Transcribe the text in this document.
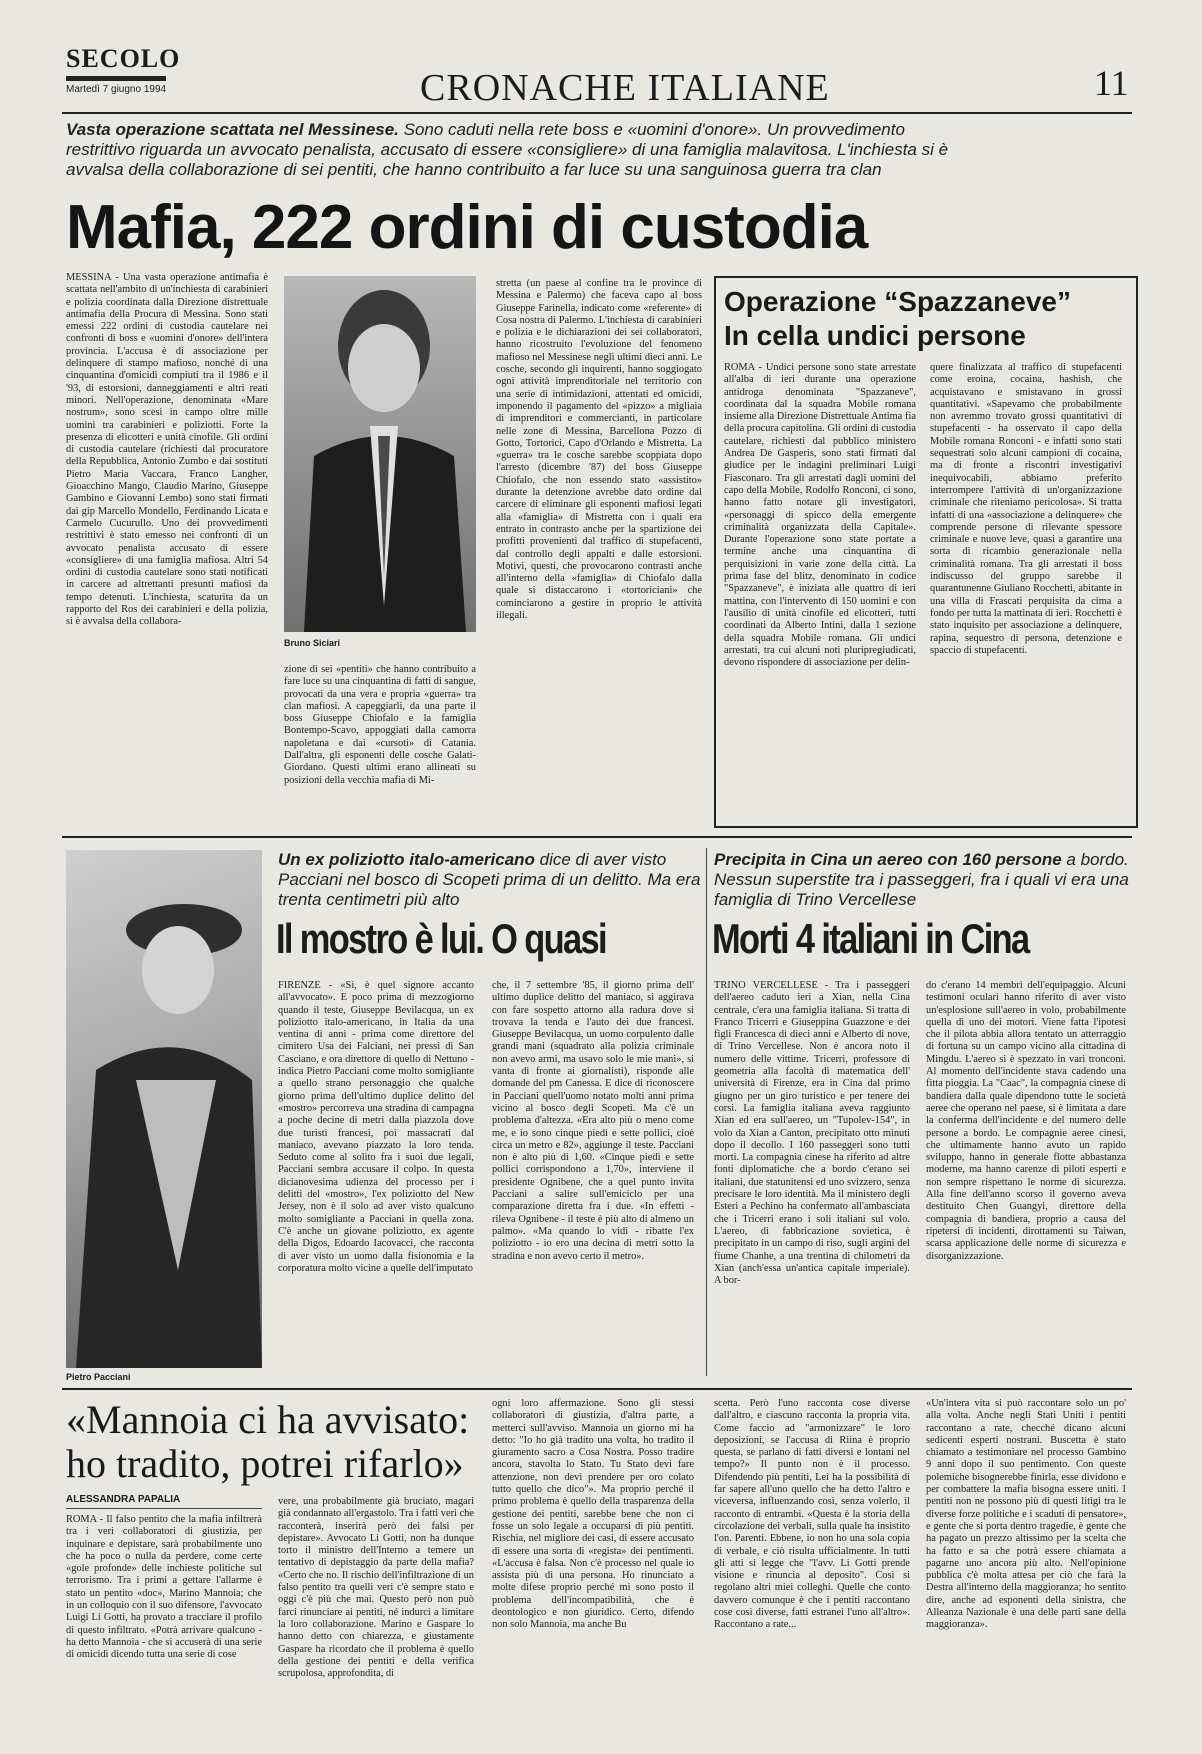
SECOLO
Martedì 7 giugno 1994	CRONACHE ITALIANE	11
Vasta operazione scattata nel Messinese. Sono caduti nella rete boss e «uomini d'onore». Un provvedimento restrittivo riguarda un avvocato penalista, accusato di essere «consigliere» di una famiglia malavitosa. L'inchiesta si è avvalsa della collaborazione di sei pentiti, che hanno contribuito a far luce su una sanguinosa guerra tra clan
Mafia, 222 ordini di custodia
MESSINA - Una vasta operazione antimafia è scattata nell'ambito di un'inchiesta di carabinieri e polizia coordinata dalla Direzione distrettuale antimafia della Procura di Messina. Sono stati emessi 222 ordini di custodia cautelare nei confronti di boss e «uomini d'onore» dell'intera provincia. L'accusa è di associazione per delinquere di stampo mafioso, nonché di una cinquantina d'omicidi compiuti tra il 1986 e il '93, di estorsioni, danneggiamenti e altri reati minori. Nell'operazione, denominata «Mare nostrum», sono scesi in campo oltre mille uomini tra carabinieri e poliziotti. Forte la presenza di elicotteri e unità cinofile. Gli ordini di custodia cautelare (richiesti dal procuratore della Repubblica, Antonio Zumbo e dai sostituti Pietro Maria Vaccara, Franco Langher, Gioacchino Mango, Claudio Marino, Giuseppe Gambino e Giovanni Lembo) sono stati firmati dai gip Marcello Mondello, Ferdinando Licata e Carmelo Cucurullo. Uno dei provvedimenti restrittivi è stato emesso nei confronti di un avvocato penalista accusato di essere «consigliere» di una famiglia mafiosa. Altri 54 ordini di custodia cautelare sono stati notificati in carcere ad altrettanti presunti mafiosi da tempo detenuti. L'inchiesta, scaturita da un rapporto del Ros dei carabinieri e della polizia, si è avvalsa della collabora-
Bruno Siciari
zione di sei «pentiti» che hanno contribuito a fare luce su una cinquantina di fatti di sangue, provocati da una vera e propria «guerra» tra clan mafiosi. A capeggiarli, da una parte il boss Giuseppe Chiofalo e la famiglia Bontempo-Scavo, appoggiati dalla camorra napoletana e dai «cursoti» di Catania. Dall'altra, gli esponenti delle cosche Galati-Giordano. Questi ultimi erano allineati su posizioni della vecchia mafia di Mi-
stretta (un paese al confine tra le province di Messina e Palermo) che faceva capo al boss Giuseppe Farinella, indicato come «referente» di Cosa nostra di Palermo. L'inchiesta di carabinieri e polizia e le dichiarazioni dei sei collaboratori, hanno ricostruito l'evoluzione del fenomeno mafioso nel Messinese negli ultimi dieci anni. Le cosche, secondo gli inquirenti, hanno soggiogato ogni attività imprenditoriale nel territorio con una serie di intimidazioni, attentati ed omicidi, imponendo il pagamento del «pizzo» a migliaia di imprenditori e commercianti, in particolare nelle zone di Messina, Barcellona Pozzo di Gotto, Tortorici, Capo d'Orlando e Mistretta. La «guerra» tra le cosche sarebbe scoppiata dopo l'arresto (dicembre '87) del boss Giuseppe Chiofalo, che non essendo stato «assistito» durante la detenzione avrebbe dato ordine dal carcere di eliminare gli esponenti mafiosi legati alla «famiglia» di Mistretta con i quali era entrato in contrasto anche per la spartizione dei profitti provenienti dal traffico di stupefacenti, dal controllo degli appalti e dalle estorsioni. Motivi, questi, che provocarono contrasti anche all'interno della «famiglia» di Chiofalo dalla quale si distaccarono i «tortoriciani» che cominciarono a gestire in proprio le attività illegali.
Operazione “Spazzaneve”
In cella undici persone
ROMA - Undici persone sono state arrestate all'alba di ieri durante una operazione antidroga denominata "Spazzaneve", coordinata dal la squadra Mobile romana insieme alla Direzione Distrettuale Antima fia della procura capitolina. Gli ordini di custodia cautelare, richiesti dal pubblico ministero Andrea De Gasperis, sono stati firmati dal giudice per le indagini preliminari Luigi Fiasconaro. Tra gli arrestati dagli uomini del capo della Mobile, Rodolfo Ronconi, ci sono, hanno fatto notare gli investigatori, «personaggi di spicco della emergente criminalità organizzata della Capitale». Durante l'operazione sono state portate a termine anche una cinquantina di perquisizioni in varie zone della città. La prima fase del blitz, denominato in codice "Spazzaneve", è iniziata alle quattro di ieri mattina, con l'intervento di 150 uomini e con l'ausilio di unità cinofile ed elicotteri, tutti coordinati da Alberto Intini, dalla 1 sezione della squadra Mobile romana. Gli undici arrestati, tra cui alcuni noti pluripregiudicati, devono rispondere di associazione per delin-
quere finalizzata al traffico di stupefacenti come eroina, cocaina, hashish, che acquistavano e smistavano in grossi quantitativi. «Sapevamo che probabilmente non avremmo trovato grossi quantitativi di stupefacenti - ha osservato il capo della Mobile romana Ronconi - e infatti sono stati sequestrati solo alcuni campioni di cocaina, ma di fronte a riscontri investigativi inequivocabili, abbiamo preferito interrompere l'attività di un'organizzazione criminale che riteniamo pericolosa». Si tratta infatti di una «associazione a delinquere» che comprende persone di rilevante spessore criminale e nuove leve, quasi a garantire una sorta di ricambio generazionale nella criminalità romana. Tra gli arrestati il boss indiscusso del gruppo sarebbe il quarantunenne Giuliano Rocchetti, abitante in una villa di Frascati perquisita da cima a fondo per tutta la mattinata di ieri. Rocchetti è stato inquisito per associazione a delinquere, rapina, sequestro di persona, detenzione e spaccio di stupefacenti.
Pietro Pacciani
Un ex poliziotto italo-americano dice di aver visto Pacciani nel bosco di Scopeti prima di un delitto. Ma era trenta centimetri più alto
Il mostro è lui. O quasi
FIRENZE - «Sì, è quel signore accanto all'avvocato». E poco prima di mezzogiorno quando il teste, Giuseppe Bevilacqua, un ex poliziotto italo-americano, in Italia da una ventina di anni - prima come direttore del cimitero Usa dei Falciani, nei pressi di San Casciano, e ora direttore di quello di Nettuno - indica Pietro Pacciani come molto somigliante a quello strano personaggio che qualche giorno prima dell'ultimo duplice delitto del «mostro» percorreva una stradina di campagna a poche decine di metri dalla piazzola dove due turisti francesi, poi massacrati dal maniaco, avevano piazzato la loro tenda. Seduto come al solito fra i suoi due legali, Pacciani sembra accusare il colpo. In questa dicianovesima udienza del processo per i delitti del «mostro», l'ex poliziotto del New Jersey, non è il solo ad aver visto qualcuno molto somigliante a Pacciani in quella zona. C'è anche un giovane poliziotto, ex agente della Digos, Edoardo Iacovacci, che racconta di aver visto un uomo dalla fisionomia e la corporatura molto vicine a quelle dell'imputato
che, il 7 settembre '85, il giorno prima dell' ultimo duplice delitto del maniaco, si aggirava con fare sospetto attorno alla radura dove si trovava la tenda e l'auto dei due francesi. Giuseppe Bevilacqua, un uomo corpulento dalle grandi mani (squadrato alla polizia criminale non avevo armi, ma usavo solo le mie mani», si vanta di fronte ai giornalisti), risponde alle domande del pm Canessa. E dice di riconoscere in Pacciani quell'uomo notato molti anni prima vicino al bosco degli Scopeti. Ma c'è un problema d'altezza. «Era alto più o meno come me, e io sono cinque piedi e sette pollici, cioè circa un metro e 82», aggiunge il teste. Pacciani non è alto più di 1,60. «Cinque piedi e sette pollici corrispondono a 1,70», interviene il presidente Ognibene, che a quel punto invita Pacciani a salire sull'emiciclo per una comparazione diretta fra i due. «In effetti - rileva Ognibene - il teste è più alto di almeno un palmo». «Ma quando lo vidi - ribatte l'ex poliziotto - io ero una decina di metri sotto la stradina e non avevo certo il metro».
Precipita in Cina un aereo con 160 persone a bordo. Nessun superstite tra i passeggeri, fra i quali vi era una famiglia di Trino Vercellese
Morti 4 italiani in Cina
TRINO VERCELLESE - Tra i passeggeri dell'aereo caduto ieri a Xian, nella Cina centrale, c'era una famiglia italiana. Si tratta di Franco Tricerri e Giuseppina Guazzone e dei figli Francesca di dieci anni e Alberto di nove, di Trino Vercellese. Non è ancora noto il numero delle vittime. Tricerri, professore di geometria alla facoltà di matematica dell' università di Firenze, era in Cina dal primo giugno per un giro turistico e per tenere dei corsi. La famiglia italiana aveva raggiunto Xian ed era sull'aereo, un "Tupolev-154", in volo da Xian a Canton, precipitato otto minuti dopo il decollo. I 160 passeggeri sono tutti morti. La compagnia cinese ha riferito ad altre fonti diplomatiche che a bordo c'erano sei italiani, due statunitensi ed uno svizzero, senza precisare le loro identità. Ma il ministero degli Esteri a Pechino ha confermato all'ambasciata che i Tricerri erano i soli italiani sul volo. L'aereo, di fabbricazione sovietica, è precipitato in un campo di riso, sugli argini del fiume Chanhe, a una trentina di chilometri da Xian (anch'essa un'antica capitale imperiale). A bor-
do c'erano 14 membri dell'equipaggio. Alcuni testimoni oculari hanno riferito di aver visto un'esplosione sull'aereo in volo, probabilmente quella di uno dei motori. Viene fatta l'ipotesi che il pilota abbia allora tentato un atterraggio di fortuna su un campo vicino alla cittadina di Mingdu. L'aereo si è spezzato in vari tronconi. Al momento dell'incidente stava cadendo una fitta pioggia. La "Caac", la compagnia cinese di bandiera dalla quale dipendono tutte le società aeree che operano nel paese, si è limitata a dare la conferma dell'incidente e del numero delle persone a bordo. Le compagnie aeree cinesi, che ultimamente hanno avuto un rapido sviluppo, hanno in generale flotte abbastanza moderne, ma hanno carenze di piloti esperti e non sempre rispettano le norme di sicurezza. Alla fine dell'anno scorso il governo aveva destituito Chen Guangyi, direttore della compagnia di bandiera, proprio a causa del ripetersi di incidenti, dirottamenti su Taiwan, scarsa applicazione delle norme di sicurezza e disorganizzazione.
«Mannoia ci ha avvisato:
ho tradito, potrei rifarlo»
ALESSANDRA PAPALIA
ROMA - Il falso pentito che la mafia infiltrerà tra i veri collaboratori di giustizia, per inquinare e depistare, sarà probabilmente uno che ha poco o nulla da perdere, come certe «gole profonde» delle inchieste politiche sul terrorismo. Tra i primi a gettare l'allarme è stato un pentito «doc», Marino Mannoia; che in un colloquio con il suo difensore, l'avvocato Luigi Li Gotti, ha provato a tracciare il profilo di questo infiltrato. «Potrà arrivare qualcuno - ha detto Mannoia - che si accuserà di una serie di omicidi dicendo tutta una serie di cose
vere, una probabilmente già bruciato, magari già condannato all'ergastolo. Tra i fatti veri che racconterà, inserirà però dei falsi per depistare». Avvocato Li Gotti, non ha dunque torto il ministro dell'Interno a temere un tentativo di depistaggio da parte della mafia? «Certo che no. Il rischio dell'infiltrazione di un falso pentito tra quelli veri c'è sempre stato e oggi c'è più che mai. Questo però non può farci rinunciare ai pentiti, né indurci a limitare la loro collaborazione. Marino e Gaspare lo hanno detto con chiarezza, e giustamente Gaspare ha ricordato che il problema è quello della gestione dei pentiti e della verifica scrupolosa, approfondita, di
ogni loro affermazione. Sono gli stessi collaboratori di giustizia, d'altra parte, a metterci sull'avviso. Mannoia un giorno mi ha detto: "Io ho già tradito una volta, ho tradito il giuramento sacro a Cosa Nostra. Posso tradire ancora, stavolta lo Stato. Tu Stato devi fare attenzione, non devi prendere per oro colato tutto quello che dico"». Ma proprio perché il primo problema è quello della trasparenza della gestione dei pentiti, sarebbe bene che non ci fosse un solo legale a occuparsi di più pentiti. Rischia, nel migliore dei casi, di essere accusato di essere una sorta di «regista» dei pentimenti. «L'accusa è falsa. Non c'è processo nel quale io assista più di una persona. Ho rinunciato a molte difese proprio perché mi sono posto il problema dell'incompatibilità, che è deontologico e non giuridico. Certo, difendo non solo Mannoia, ma anche Bu
scetta. Però l'uno racconta cose diverse dall'altro, e ciascuno racconta la propria vita. Come faccio ad "armonizzare" le loro deposizioni, se l'accusa di Riina è proprio questa, se parlano di fatti diversi e lontani nel tempo?» Il punto non è il processo. Difendendo più pentiti, Lei ha la possibilità di far sapere all'uno quello che ha detto l'altro e viceversa, influenzando così, senza volerlo, il racconto di entrambi. «Questa è la storia della circolazione dei verbali, sulla quale ha insistito l'on. Parenti. Ebbene, io non ho una sola copia di verbale, e ciò risulta ufficialmente. In tutti gli atti si legge che "l'avv. Li Gotti prende visione e rinuncia al deposito". Così si regolano altri miei colleghi. Quelle che conto davvero comunque è che i pentiti raccontano cose così diverse, fatti estranei l'uno all'altro». Raccontano a rate...
«Un'intera vita si può raccontare solo un po' alla volta. Anche negli Stati Uniti i pentiti raccontano a rate, checché dicano alcuni sedicenti esperti nostrani. Buscetta è stato chiamato a testimoniare nel processo Gambino 9 anni dopo il suo pentimento. Con queste polemiche bisognerebbe finirla, esse dividono e per combattere la mafia bisogna essere uniti. I pentiti non ne possono più di questi litigi tra le diverse forze politiche e i scaduti di pensatore», e gente che si porta dentro tragedie, è gente che ha pagato un prezzo altissimo per la scelta che ha fatto e sa che potrà essere chiamata a pagarne uno ancora più alto. Nell'opinione pubblica c'è molta attesa per ciò che farà la Destra all'interno della maggioranza; ho sentito dire, anche ad esponenti della sinistra, che Alleanza Nazionale è una delle parti sane della maggioranza».
